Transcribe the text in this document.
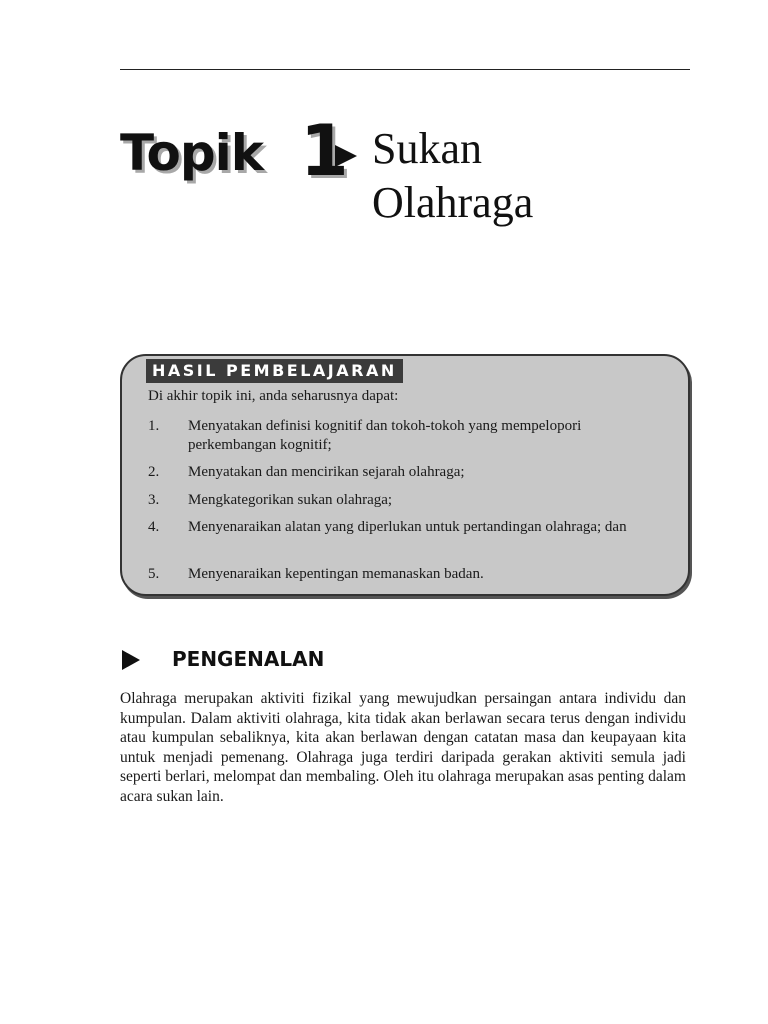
Topik 1 Sukan
Olahraga
HASIL PEMBELAJARAN
Di akhir topik ini, anda seharusnya dapat:
1. Menyatakan definisi kognitif dan tokoh-tokoh yang mempelopori perkembangan kognitif;
2. Menyatakan dan mencirikan sejarah olahraga;
3. Mengkategorikan sukan olahraga;
4. Menyenaraikan alatan yang diperlukan untuk pertandingan olahraga; dan
5. Menyenaraikan kepentingan memanaskan badan.
PENGENALAN

Olahraga merupakan aktiviti fizikal yang mewujudkan persaingan antara individu dan kumpulan. Dalam aktiviti olahraga, kita tidak akan berlawan secara terus dengan individu atau kumpulan sebaliknya, kita akan berlawan dengan catatan masa dan keupayaan kita untuk menjadi pemenang. Olahraga juga terdiri daripada gerakan aktiviti semula jadi seperti berlari, melompat dan membaling. Oleh itu olahraga merupakan asas penting dalam acara sukan lain.
